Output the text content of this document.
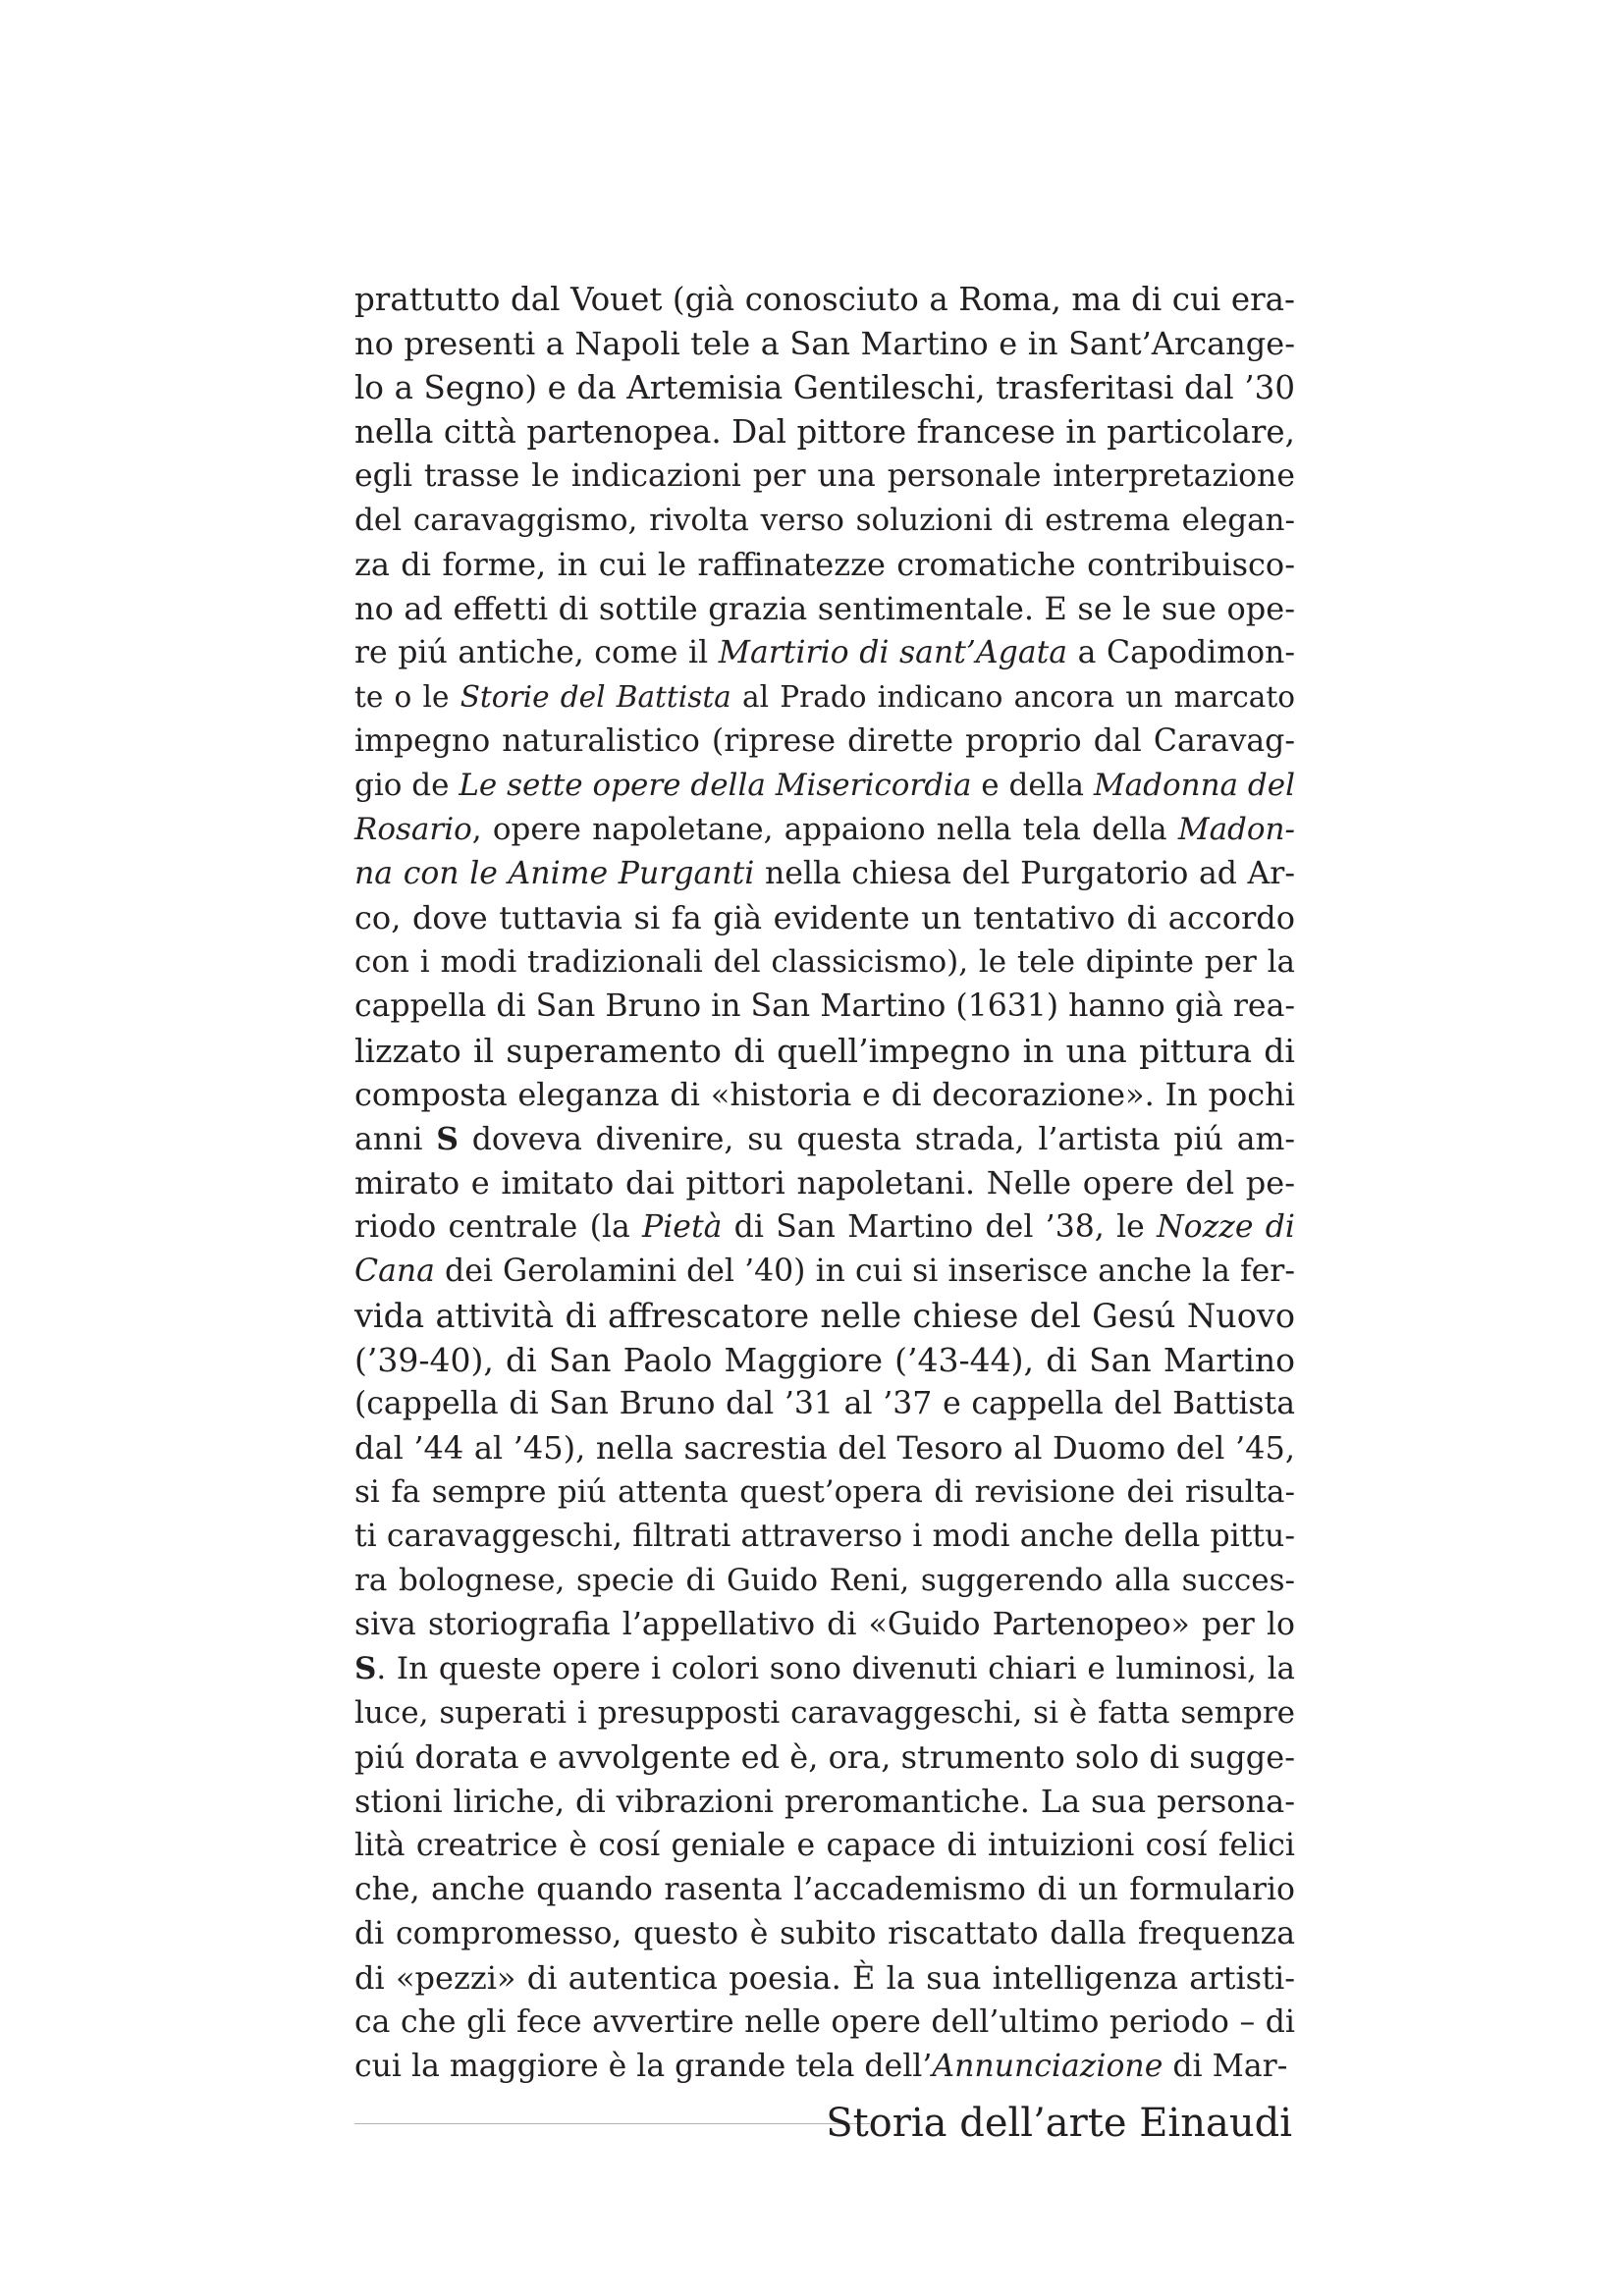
prattutto dal Vouet (già conosciuto a Roma, ma di cui era-
no presenti a Napoli tele a San Martino e in Sant’Arcange-
lo a Segno) e da Artemisia Gentileschi, trasferitasi dal ’30
nella città partenopea. Dal pittore francese in particolare,
egli trasse le indicazioni per una personale interpretazione
del caravaggismo, rivolta verso soluzioni di estrema elegan-
za di forme, in cui le raffinatezze cromatiche contribuisco-
no ad effetti di sottile grazia sentimentale. E se le sue ope-
re piú antiche, come il Martirio di sant’Agata a Capodimon-
te o le Storie del Battista al Prado indicano ancora un marcato
impegno naturalistico (riprese dirette proprio dal Caravag-
gio de Le sette opere della Misericordia e della Madonna del
Rosario, opere napoletane, appaiono nella tela della Madon-
na con le Anime Purganti nella chiesa del Purgatorio ad Ar-
co, dove tuttavia si fa già evidente un tentativo di accordo
con i modi tradizionali del classicismo), le tele dipinte per la
cappella di San Bruno in San Martino (1631) hanno già rea-
lizzato il superamento di quell’impegno in una pittura di
composta eleganza di «historia e di decorazione». In pochi
anni S doveva divenire, su questa strada, l’artista piú am-
mirato e imitato dai pittori napoletani. Nelle opere del pe-
riodo centrale (la Pietà di San Martino del ’38, le Nozze di
Cana dei Gerolamini del ’40) in cui si inserisce anche la fer-
vida attività di affrescatore nelle chiese del Gesú Nuovo
(’39-40), di San Paolo Maggiore (’43-44), di San Martino
(cappella di San Bruno dal ’31 al ’37 e cappella del Battista
dal ’44 al ’45), nella sacrestia del Tesoro al Duomo del ’45,
si fa sempre piú attenta quest’opera di revisione dei risulta-
ti caravaggeschi, filtrati attraverso i modi anche della pittu-
ra bolognese, specie di Guido Reni, suggerendo alla succes-
siva storiografia l’appellativo di «Guido Partenopeo» per lo
S. In queste opere i colori sono divenuti chiari e luminosi, la
luce, superati i presupposti caravaggeschi, si è fatta sempre
piú dorata e avvolgente ed è, ora, strumento solo di sugge-
stioni liriche, di vibrazioni preromantiche. La sua persona-
lità creatrice è cosí geniale e capace di intuizioni cosí felici
che, anche quando rasenta l’accademismo di un formulario
di compromesso, questo è subito riscattato dalla frequenza
di «pezzi» di autentica poesia. È la sua intelligenza artisti-
ca che gli fece avvertire nelle opere dell’ultimo periodo – di
cui la maggiore è la grande tela dell’Annunciazione di Mar-
Storia dell’arte Einaudi
